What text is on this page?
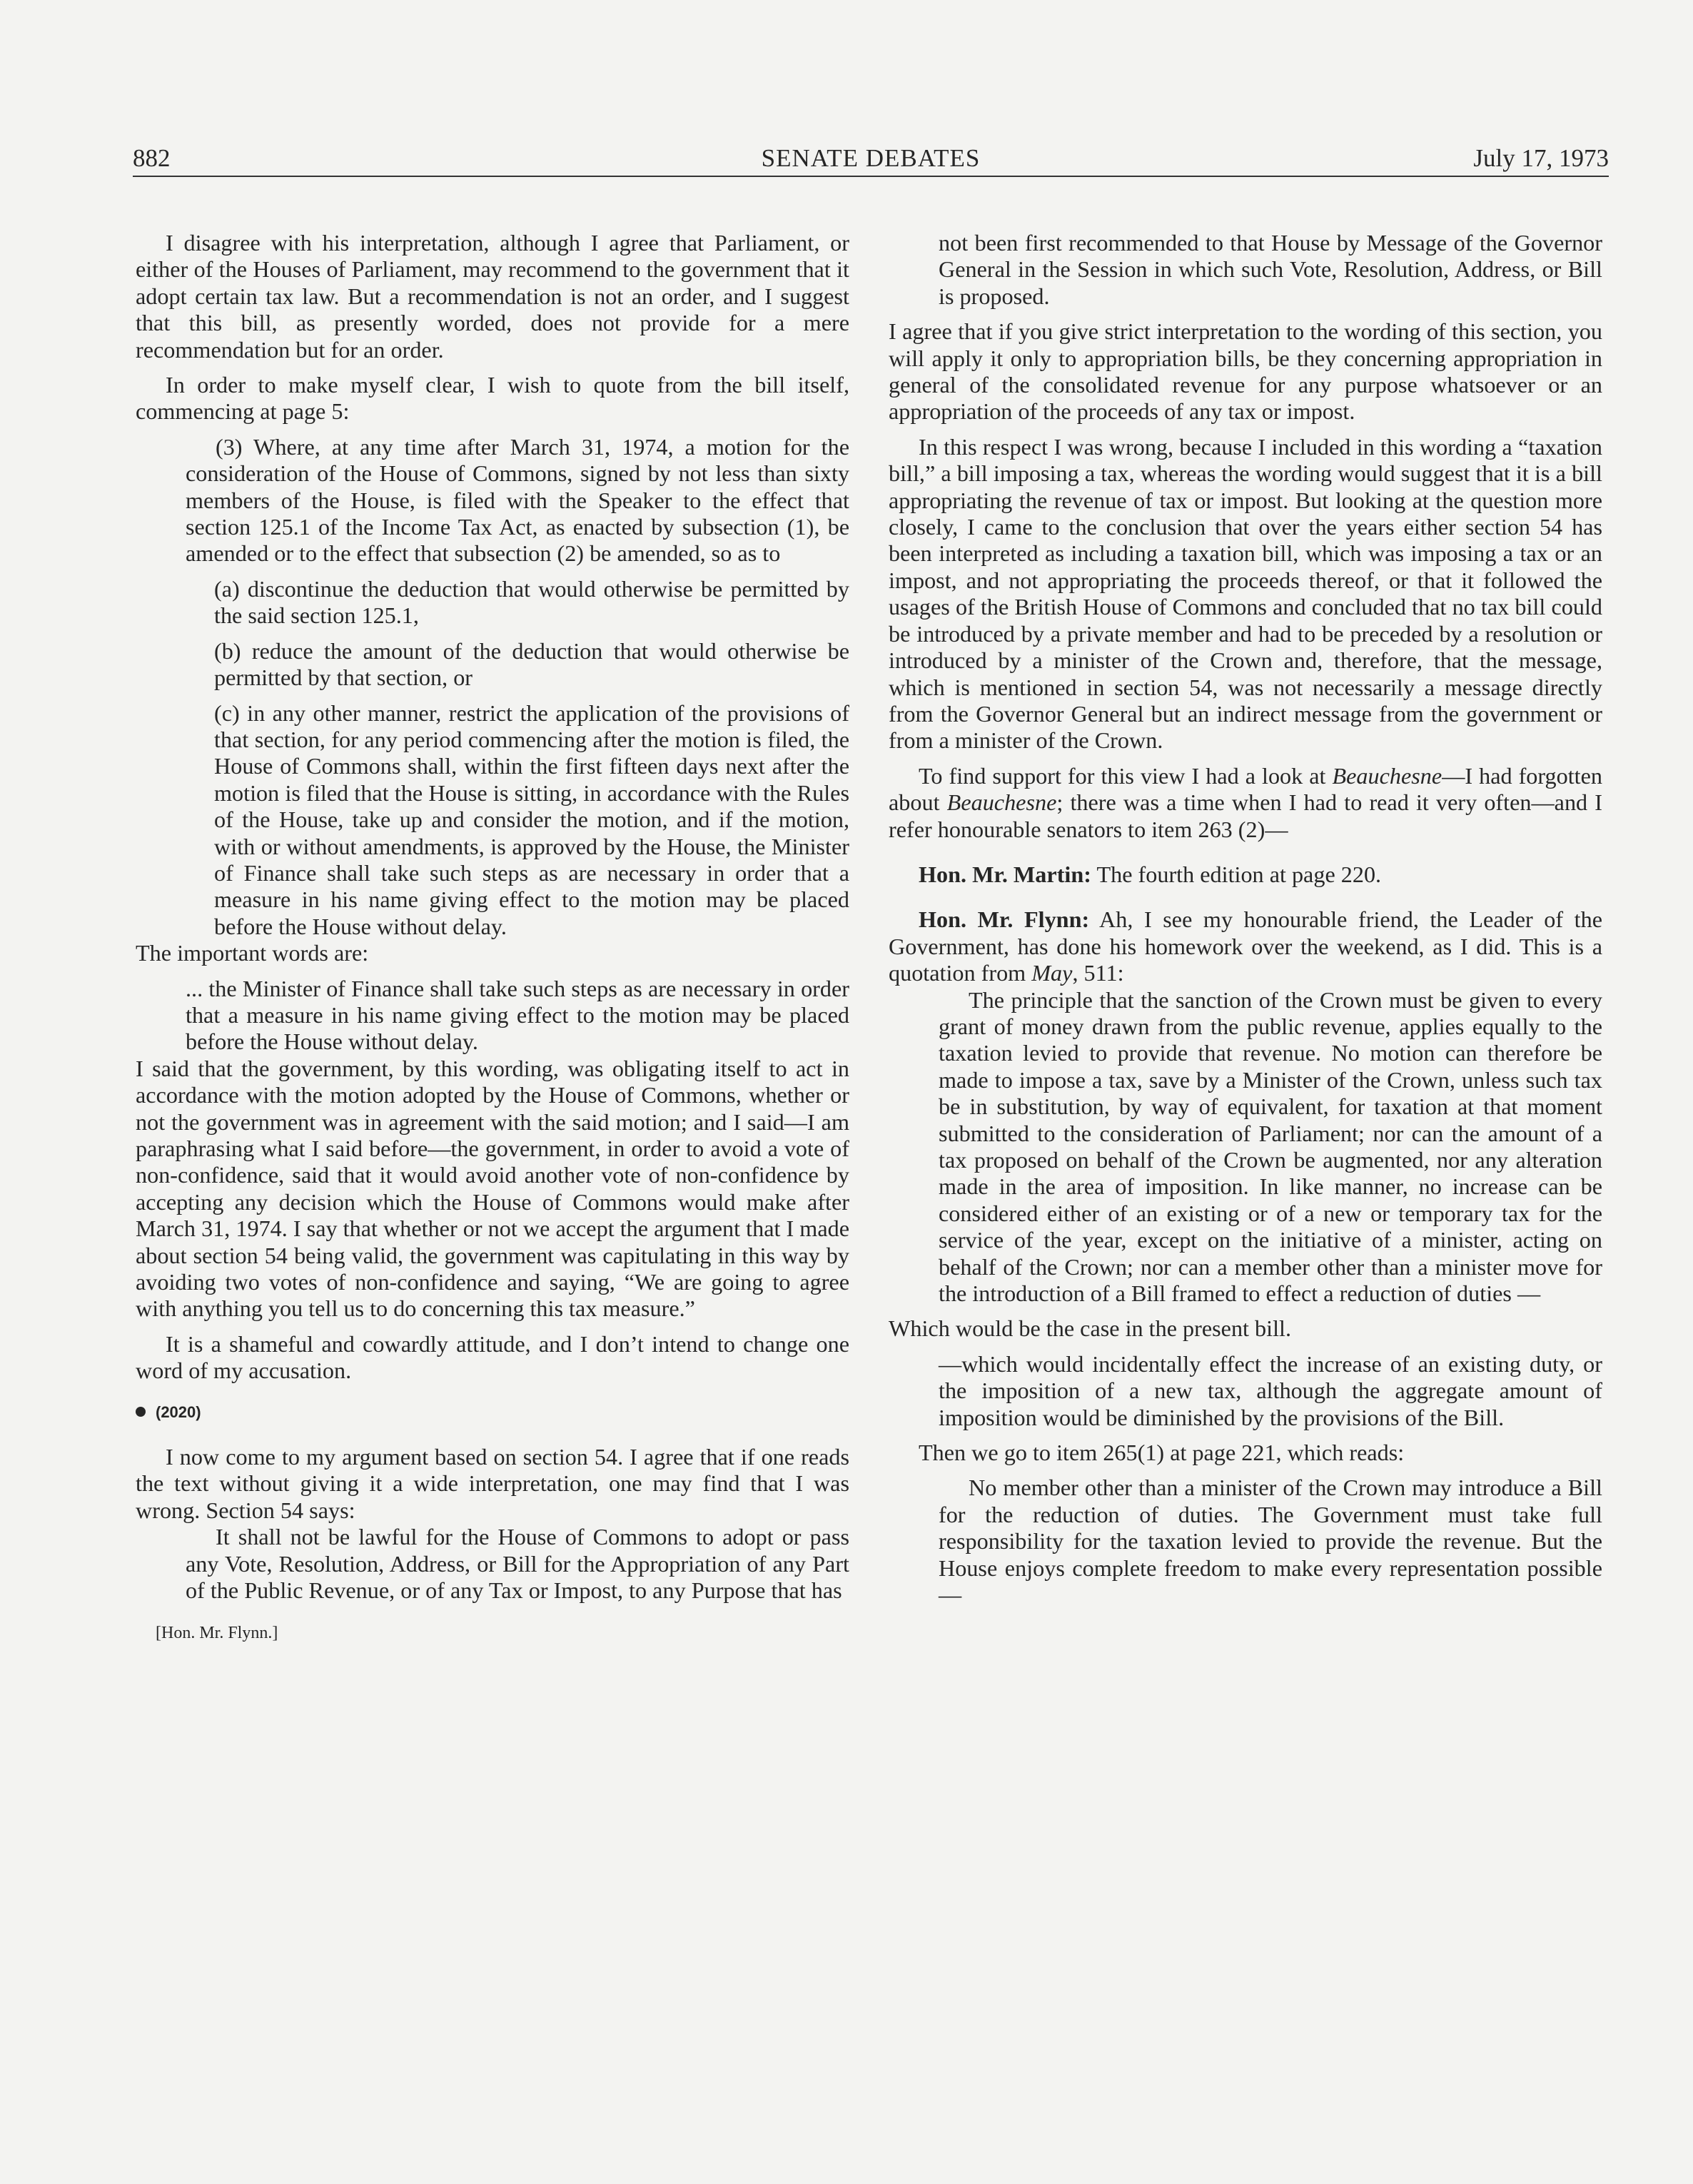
882	SENATE DEBATES	July 17, 1973

I disagree with his interpretation, although I agree that Parliament, or either of the Houses of Parliament, may recommend to the government that it adopt certain tax law. But a recommendation is not an order, and I suggest that this bill, as presently worded, does not provide for a mere recommendation but for an order.

In order to make myself clear, I wish to quote from the bill itself, commencing at page 5:

(3) Where, at any time after March 31, 1974, a motion for the consideration of the House of Commons, signed by not less than sixty members of the House, is filed with the Speaker to the effect that section 125.1 of the Income Tax Act, as enacted by subsection (1), be amended or to the effect that subsection (2) be amended, so as to

(a) discontinue the deduction that would otherwise be permitted by the said section 125.1,

(b) reduce the amount of the deduction that would otherwise be permitted by that section, or

(c) in any other manner, restrict the application of the provisions of that section, for any period commencing after the motion is filed, the House of Commons shall, within the first fifteen days next after the motion is filed that the House is sitting, in accordance with the Rules of the House, take up and consider the motion, and if the motion, with or without amendments, is approved by the House, the Minister of Finance shall take such steps as are necessary in order that a measure in his name giving effect to the motion may be placed before the House without delay.

The important words are:

... the Minister of Finance shall take such steps as are necessary in order that a measure in his name giving effect to the motion may be placed before the House without delay.

I said that the government, by this wording, was obligating itself to act in accordance with the motion adopted by the House of Commons, whether or not the government was in agreement with the said motion; and I said—I am paraphrasing what I said before—the government, in order to avoid a vote of non-confidence, said that it would avoid another vote of non-confidence by accepting any decision which the House of Commons would make after March 31, 1974. I say that whether or not we accept the argument that I made about section 54 being valid, the government was capitulating in this way by avoiding two votes of non-confidence and saying, “We are going to agree with anything you tell us to do concerning this tax measure.”

It is a shameful and cowardly attitude, and I don’t intend to change one word of my accusation.

(2020)

I now come to my argument based on section 54. I agree that if one reads the text without giving it a wide interpretation, one may find that I was wrong. Section 54 says:

It shall not be lawful for the House of Commons to adopt or pass any Vote, Resolution, Address, or Bill for the Appropriation of any Part of the Public Revenue, or of any Tax or Impost, to any Purpose that has

[Hon. Mr. Flynn.]

not been first recommended to that House by Message of the Governor General in the Session in which such Vote, Resolution, Address, or Bill is proposed.

I agree that if you give strict interpretation to the wording of this section, you will apply it only to appropriation bills, be they concerning appropriation in general of the consolidated revenue for any purpose whatsoever or an appropriation of the proceeds of any tax or impost.

In this respect I was wrong, because I included in this wording a “taxation bill,” a bill imposing a tax, whereas the wording would suggest that it is a bill appropriating the revenue of tax or impost. But looking at the question more closely, I came to the conclusion that over the years either section 54 has been interpreted as including a taxation bill, which was imposing a tax or an impost, and not appropriating the proceeds thereof, or that it followed the usages of the British House of Commons and concluded that no tax bill could be introduced by a private member and had to be preceded by a resolution or introduced by a minister of the Crown and, therefore, that the message, which is mentioned in section 54, was not necessarily a message directly from the Governor General but an indirect message from the government or from a minister of the Crown.

To find support for this view I had a look at Beauchesne—I had forgotten about Beauchesne; there was a time when I had to read it very often—and I refer honourable senators to item 263 (2)—

Hon. Mr. Martin: The fourth edition at page 220.

Hon. Mr. Flynn: Ah, I see my honourable friend, the Leader of the Government, has done his homework over the weekend, as I did. This is a quotation from May, 511:

The principle that the sanction of the Crown must be given to every grant of money drawn from the public revenue, applies equally to the taxation levied to provide that revenue. No motion can therefore be made to impose a tax, save by a Minister of the Crown, unless such tax be in substitution, by way of equivalent, for taxation at that moment submitted to the consideration of Parliament; nor can the amount of a tax proposed on behalf of the Crown be augmented, nor any alteration made in the area of imposition. In like manner, no increase can be considered either of an existing or of a new or temporary tax for the service of the year, except on the initiative of a minister, acting on behalf of the Crown; nor can a member other than a minister move for the introduction of a Bill framed to effect a reduction of duties —

Which would be the case in the present bill.

—which would incidentally effect the increase of an existing duty, or the imposition of a new tax, although the aggregate amount of imposition would be diminished by the provisions of the Bill.

Then we go to item 265(1) at page 221, which reads:

No member other than a minister of the Crown may introduce a Bill for the reduction of duties. The Government must take full responsibility for the taxation levied to provide the revenue. But the House enjoys complete freedom to make every representation possible—
